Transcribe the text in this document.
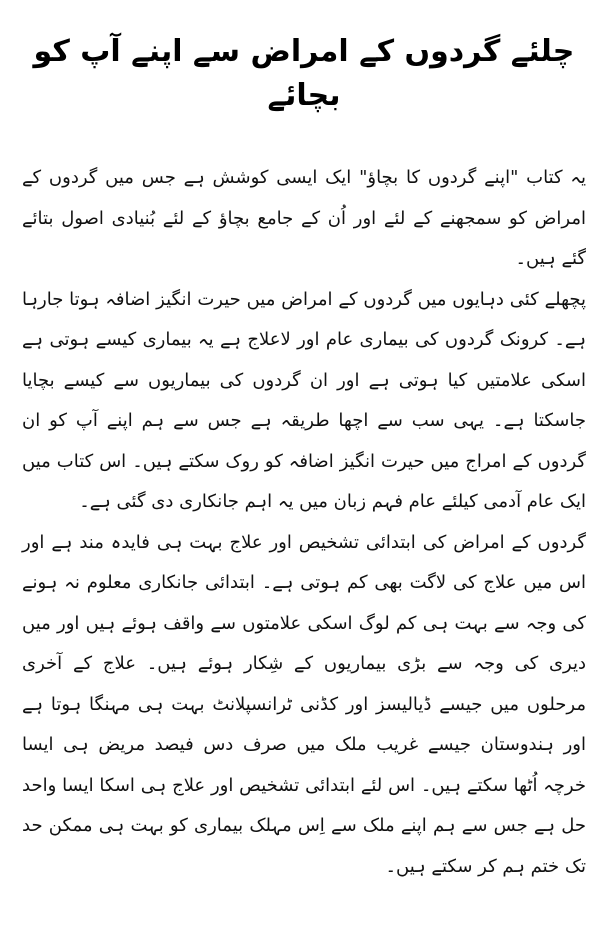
چلئے گردوں کے امراض سے اپنے آپ کو بچائے

یہ کتاب "اپنے گردوں کا بچاؤ" ایک ایسی کوشش ہے جس میں گردوں کے امراض کو سمجھنے کے لئے اور اُن کے جامع بچاؤ کے لئے بُنیادی اصول بتائے گئے ہیں۔

پچھلے کئی دہایوں میں گردوں کے امراض میں حیرت انگیز اضافہ ہوتا جارہا ہے۔ کرونک گردوں کی بیماری عام اور لاعلاج ہے یہ بیماری کیسے ہوتی ہے اسکی علامتیں کیا ہوتی ہے اور ان گردوں کی بیماریوں سے کیسے بچایا جاسکتا ہے۔ یہی سب سے اچھا طریقہ ہے جس سے ہم اپنے آپ کو ان گردوں کے امراج میں حیرت انگیز اضافہ کو روک سکتے ہیں۔ اس کتاب میں ایک عام آدمی کیلئے عام فہم زبان میں یہ اہم جانکاری دی گئی ہے۔

گردوں کے امراض کی ابتدائی تشخیص اور علاج بہت ہی فایدہ مند ہے اور اس میں علاج کی لاگت بھی کم ہوتی ہے۔ ابتدائی جانکاری معلوم نہ ہونے کی وجہ سے بہت ہی کم لوگ اسکی علامتوں سے واقف ہوئے ہیں اور میں دیری کی وجہ سے بڑی بیماریوں کے شِکار ہوئے ہیں۔ علاج کے آخری مرحلوں میں جیسے ڈیالیسز اور کڈنی ٹرانسپلانٹ بہت ہی مہنگا ہوتا ہے اور ہندوستان جیسے غریب ملک میں صرف دس فیصد مریض ہی ایسا خرچہ اُٹھا سکتے ہیں۔ اس لئے ابتدائی تشخیص اور علاج ہی اسکا ایسا واحد حل ہے جس سے ہم اپنے ملک سے اِس مہلک بیماری کو بہت ہی ممکن حد تک ختم ہم کر سکتے ہیں۔
